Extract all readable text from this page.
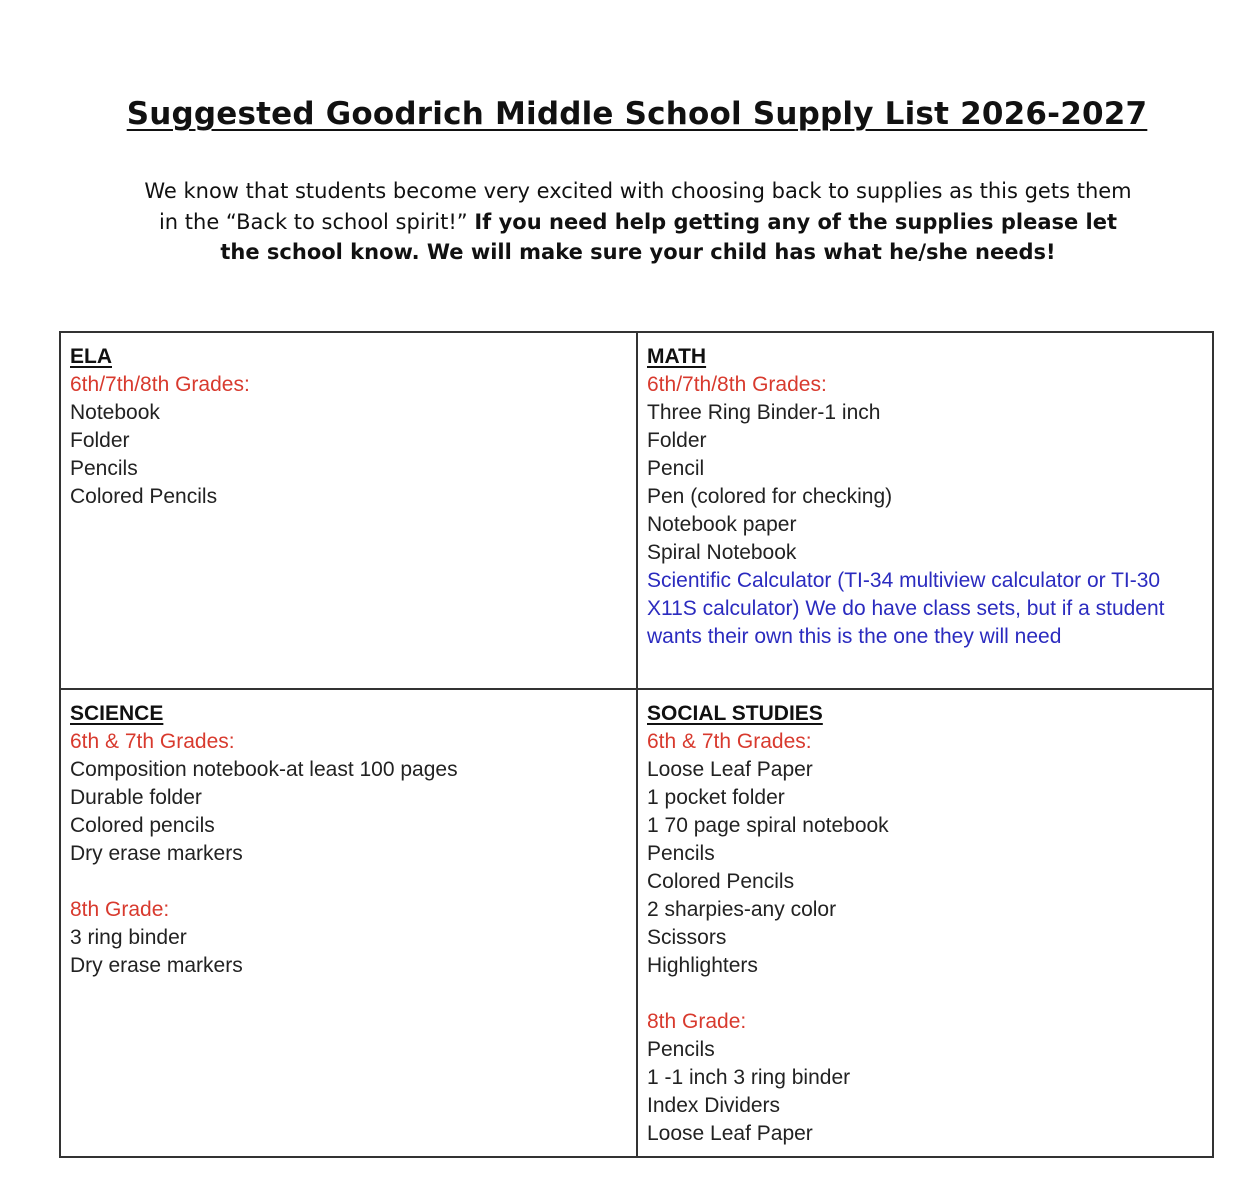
Suggested Goodrich Middle School Supply List 2026-2027
We know that students become very excited with choosing back to supplies as this gets them in the “Back to school spirit!” If you need help getting any of the supplies please let the school know. We will make sure your child has what he/she needs!
ELA
6th/7th/8th Grades:
Notebook
Folder
Pencils
Colored Pencils
MATH
6th/7th/8th Grades:
Three Ring Binder-1 inch
Folder
Pencil
Pen (colored for checking)
Notebook paper
Spiral Notebook
Scientific Calculator (TI-34 multiview calculator or TI-30 X11S calculator) We do have class sets, but if a student wants their own this is the one they will need
SCIENCE
6th & 7th Grades:
Composition notebook-at least 100 pages
Durable folder
Colored pencils
Dry erase markers
8th Grade:
3 ring binder
Dry erase markers
SOCIAL STUDIES
6th & 7th Grades:
Loose Leaf Paper
1 pocket folder
1 70 page spiral notebook
Pencils
Colored Pencils
2 sharpies-any color
Scissors
Highlighters
8th Grade:
Pencils
1 -1 inch 3 ring binder
Index Dividers
Loose Leaf Paper
